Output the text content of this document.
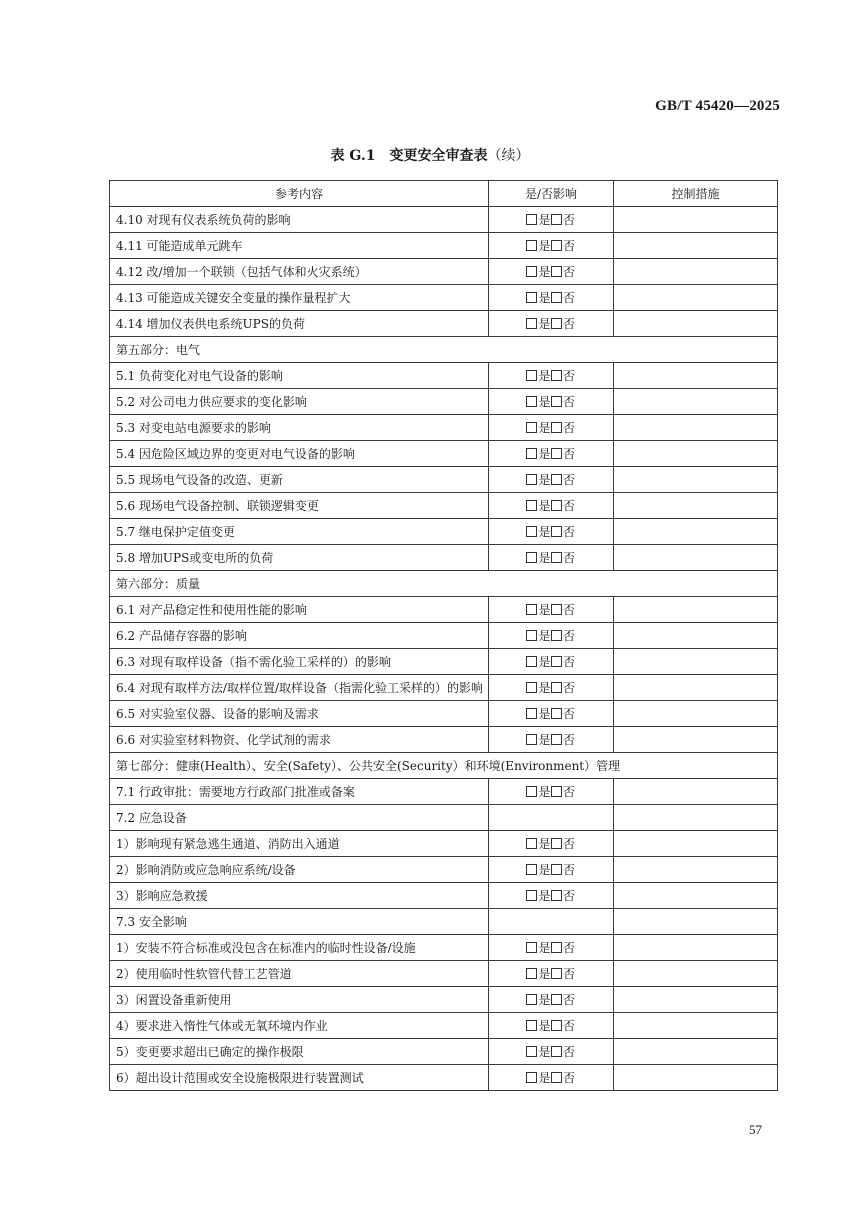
GB/T 45420—2025
表 G.1 变更安全审查表（续）
参考内容	是/否影响	控制措施
4.10 对现有仪表系统负荷的影响	是 否	
4.11 可能造成单元跳车	是 否	
4.12 改/增加一个联锁（包括气体和火灾系统）	是 否	
4.13 可能造成关键安全变量的操作量程扩大	是 否	
4.14 增加仪表供电系统UPS的负荷	是 否	
第五部分：电气		
5.1 负荷变化对电气设备的影响	是 否	
5.2 对公司电力供应要求的变化影响	是 否	
5.3 对变电站电源要求的影响	是 否	
5.4 因危险区域边界的变更对电气设备的影响	是 否	
5.5 现场电气设备的改造、更新	是 否	
5.6 现场电气设备控制、联锁逻辑变更	是 否	
5.7 继电保护定值变更	是 否	
5.8 增加UPS或变电所的负荷	是 否	
第六部分：质量		
6.1 对产品稳定性和使用性能的影响	是 否	
6.2 产品储存容器的影响	是 否	
6.3 对现有取样设备（指不需化验工采样的）的影响	是 否	
6.4 对现有取样方法/取样位置/取样设备（指需化验工采样的）的影响	是 否	
6.5 对实验室仪器、设备的影响及需求	是 否	
6.6 对实验室材料物资、化学试剂的需求	是 否	
第七部分：健康(Health）、安全(Safety）、公共安全(Security）和环境(Environment）管理		
7.1 行政审批：需要地方行政部门批准或备案	是 否	
7.2 应急设备		
1）影响现有紧急逃生通道、消防出入通道	是 否	
2）影响消防或应急响应系统/设备	是 否	
3）影响应急救援	是 否	
7.3 安全影响		
1）安装不符合标准或没包含在标准内的临时性设备/设施	是 否	
2）使用临时性软管代替工艺管道	是 否	
3）闲置设备重新使用	是 否	
4）要求进入惰性气体或无氧环境内作业	是 否	
5）变更要求超出已确定的操作极限	是 否	
6）超出设计范围或安全设施极限进行装置测试	是 否	
57
